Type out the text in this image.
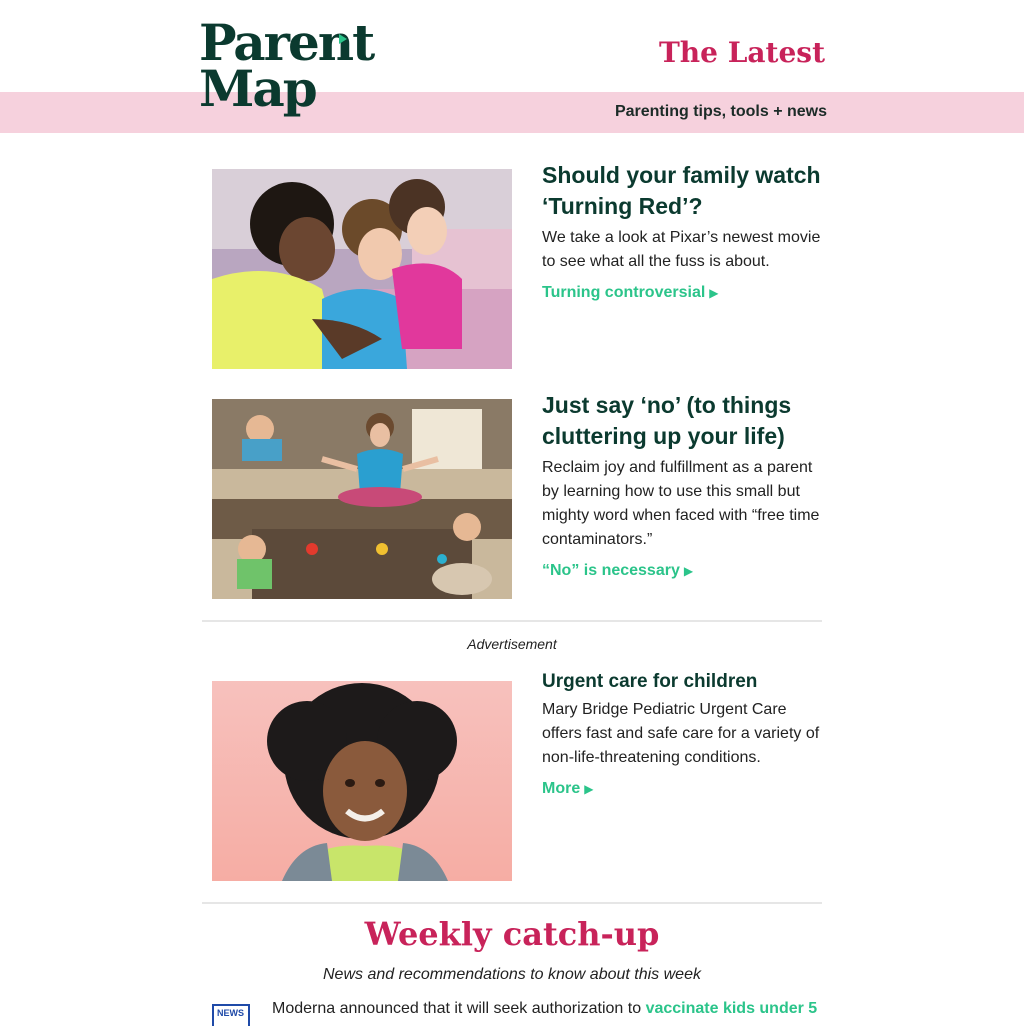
Parent
Map
The Latest
Parenting tips, tools + news

Should your family watch ‘Turning Red’?

We take a look at Pixar’s newest movie to see what all the fuss is about.

Turning controversial ▶

Just say ‘no’ (to things cluttering up your life)

Reclaim joy and fulfillment as a parent by learning how to use this small but mighty word when faced with “free time contaminators.”

“No” is necessary ▶
Advertisement

Urgent care for children

Mary Bridge Pediatric Urgent Care offers fast and safe care for a variety of non-life-threatening conditions.

More ▶
Weekly catch-up
News and recommendations to know about this week
NEWS Moderna announced that it will seek authorization to vaccinate kids under 5
